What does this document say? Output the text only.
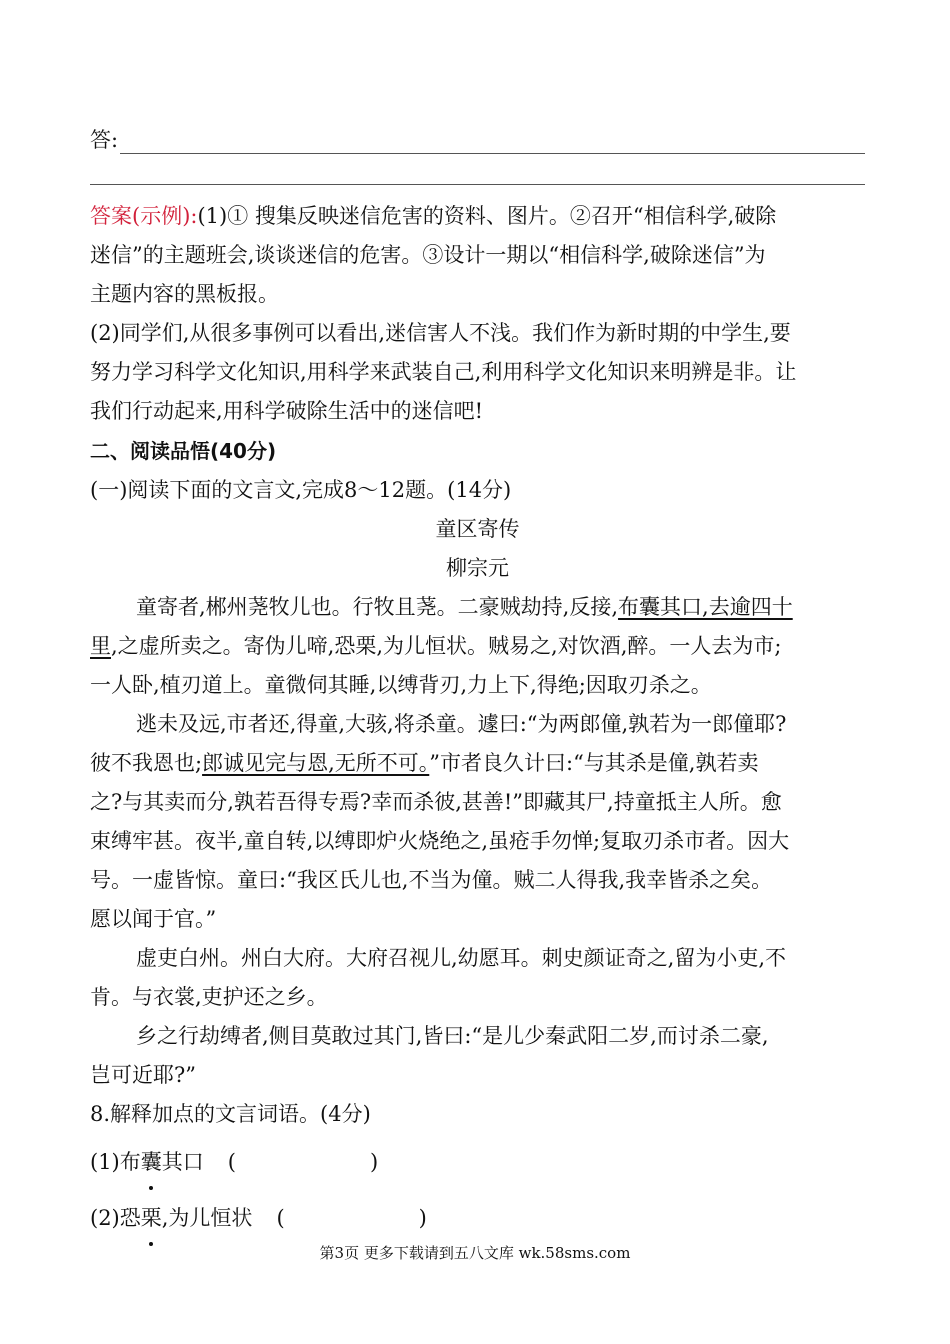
答:
答案(示例):(1)① 搜集反映迷信危害的资料、图片。②召开“相信科学,破除
迷信”的主题班会,谈谈迷信的危害。③设计一期以“相信科学,破除迷信”为
主题内容的黑板报。
(2)同学们,从很多事例可以看出,迷信害人不浅。我们作为新时期的中学生,要
努力学习科学文化知识,用科学来武装自己,利用科学文化知识来明辨是非。让
我们行动起来,用科学破除生活中的迷信吧!
二、阅读品悟(40分)
(一)阅读下面的文言文,完成8～12题。(14分)
童区寄传
柳宗元
童寄者,郴州荛牧儿也。行牧且荛。二豪贼劫持,反接,布囊其口,去逾四十
里,之虚所卖之。寄伪儿啼,恐栗,为儿恒状。贼易之,对饮酒,醉。一人去为市;
一人卧,植刃道上。童微伺其睡,以缚背刃,力上下,得绝;因取刃杀之。
逃未及远,市者还,得童,大骇,将杀童。遽曰:“为两郎僮,孰若为一郎僮耶?
彼不我恩也;郎诚见完与恩,无所不可。”市者良久计曰:“与其杀是僮,孰若卖
之?与其卖而分,孰若吾得专焉?幸而杀彼,甚善!”即藏其尸,持童抵主人所。愈
束缚牢甚。夜半,童自转,以缚即炉火烧绝之,虽疮手勿惮;复取刃杀市者。因大
号。一虚皆惊。童曰:“我区氏儿也,不当为僮。贼二人得我,我幸皆杀之矣。
愿以闻于官。”
虚吏白州。州白大府。大府召视儿,幼愿耳。刺史颜证奇之,留为小吏,不
肯。与衣裳,吏护还之乡。
乡之行劫缚者,侧目莫敢过其门,皆曰:“是儿少秦武阳二岁,而讨杀二豪,
岂可近耶?”
8.解释加点的文言词语。(4分)
(1)布 囊 其口 (	)
(2)恐 栗 ,为儿恒状 (	)
第3页 更多下载请到五八文库 wk.58sms.com
